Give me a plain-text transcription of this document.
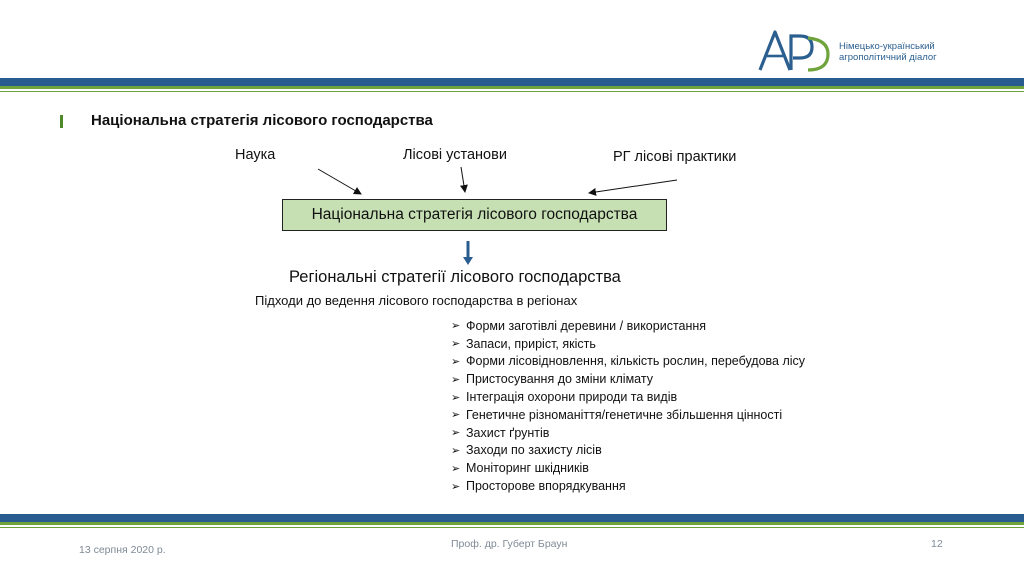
Німецько-український
агрополітичний діалог
Національна стратегія лісового господарства
Наука	Лісові установи	РГ лісові практики
Національна стратегія лісового господарства
Регіональні стратегії лісового господарства
Підходи до ведення лісового господарства в регіонах
➢ Форми заготівлі деревини / використання
➢ Запаси, приріст, якість
➢ Форми лісовідновлення, кількість рослин, перебудова лісу
➢ Пристосування до зміни клімату
➢ Інтеграція охорони природи та видів
➢ Генетичне різноманіття/генетичне збільшення цінності
➢ Захист ґрунтів
➢ Заходи по захисту лісів
➢ Моніторинг шкідників
➢ Просторове впорядкування
13 серпня 2020 р.	Проф. др. Губерт Браун	12
